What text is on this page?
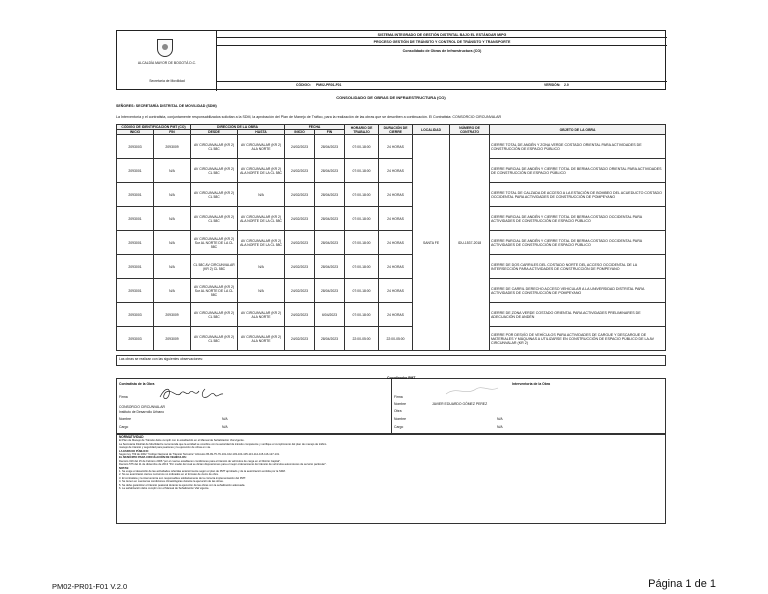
ALCALDÍA MAYOR DE BOGOTÁ D.C.
Secretaría de Movilidad
SISTEMA INTEGRADO DE GESTIÓN DISTRITAL BAJO EL ESTÁNDAR MIPG
PROCESO GESTIÓN DE TRÁNSITO Y CONTROL DE TRÁNSITO Y TRANSPORTE
Consolidado de Obras de Infraestructura (CO)
CÓDIGO: PM02-PR01-F01	VERSIÓN: 2.0
CONSOLIDADO DE OBRAS DE INFRAESTRUCTURA (CO)
SEÑORES: SECRETARÍA DISTRITAL DE MOVILIDAD (SDM)
La Interventoría y el contratista, conjuntamente responsabilizados solicitan a la SDM, la aprobación del Plan de Manejo de Tráfico, para la realización de las obras que se describen a continuación. El Contratista: CONSORCIO CIRCUNVALAR
CÓDIGO DE IDENTIFICACIÓN PMT (CO)		DIRECCIÓN DE LA OBRA		FECHA		HORARIO DE TRABAJO	DURACIÓN DE CIERRE	LOCALIDAD	NÚMERO DE CONTRATO	OBJETO DE LA OBRA
INICIO	FIN	DESDE	HASTA	INICIO	FIN					
2093003	2093009	AV CIRCUNVALAR (KR 2) CL 58C	AV CIRCUNVALAR (KR 2) ALA NORTE	24/02/2023	28/04/2023	07:00-18:00	24 HORAS	SANTA FE	IDU-1537-2018	CIERRE TOTAL DE ANDÉN Y ZONA VERDE COSTADO ORIENTAL PARA ACTIVIDADES DE CONSTRUCCIÓN DE ESPACIO PÚBLICO
2093001	N/A	AV CIRCUNVALAR (KR 2) CL 58C	AV CIRCUNVALAR (KR 2) ALA NORTE DE LA CL 58C	24/02/2023	28/04/2023	07:00-18:00	24 HORAS			CIERRE PARCIAL DE ANDÉN Y CIERRE TOTAL DE BERMA COSTADO ORIENTAL PARA ACTIVIDADES DE CONSTRUCCIÓN DE ESPACIO PÚBLICO
2093001	N/A	AV CIRCUNVALAR (KR 2) CL 58C	N/A	24/02/2023	28/04/2023	07:00-18:00	24 HORAS			CIERRE TOTAL DE CALZADA DE ACCESO A LA ESTACIÓN DE BOMBEO DEL ACUEDUCTO COSTADO OCCIDENTAL PARA ACTIVIDADES DE CONSTRUCCIÓN DE POMPEYANO
2093001	N/A	AV CIRCUNVALAR (KR 2) CL 58C	AV CIRCUNVALAR (KR 2) ALA NORTE DE LA CL 58C	24/02/2023	28/04/2023	07:00-18:00	24 HORAS			CIERRE PARCIAL DE ANDÉN Y CIERRE TOTAL DE BERMA COSTADO OCCIDENTAL PARA ACTIVIDADES DE CONSTRUCCIÓN DE ESPACIO PÚBLICO
2093001	N/A	AV CIRCUNVALAR (KR 2) Sur AL NORTE DE LA CL 58C	AV CIRCUNVALAR (KR 2) ALA NORTE DE LA CL 58C	24/02/2023	28/04/2023	07:00-18:00	24 HORAS			CIERRE PARCIAL DE ANDÉN Y CIERRE TOTAL DE BERMA COSTADO OCCIDENTAL PARA ACTIVIDADES DE CONSTRUCCIÓN DE ESPACIO PÚBLICO
2093001	N/A	CL 58C AV CIRCUNVALAR (KR 2) CL 58C	N/A	24/02/2023	28/04/2023	07:00-18:00	24 HORAS			CIERRE DE DOS CARRILES DEL COSTADO NORTE DEL ACCESO OCCIDENTAL DE LA INTERSECCIÓN PARA ACTIVIDADES DE CONSTRUCCIÓN DE POMPEYANO
2093001	N/A	AV CIRCUNVALAR (KR 2) Sur AL NORTE DE LA CL 58C	N/A	24/02/2023	28/04/2023	07:00-18:00	24 HORAS			CIERRE DE CARRIL DERECHO ACCESO VEHICULAR A LA UNIVERSIDAD DISTRITAL PARA ACTIVIDADES DE CONSTRUCCIÓN DE POMPEYANO
2093003	2093009	AV CIRCUNVALAR (KR 2) CL 58C	AV CIRCUNVALAR (KR 2) ALA NORTE	24/02/2023	6/04/2023	07:00-18:00	24 HORAS			CIERRE DE ZONA VERDE COSTADO ORIENTAL PARA ACTIVIDADES PRELIMINARES DE ADECUACIÓN DE ANDÉN
2093003	2093009	AV CIRCUNVALAR (KR 2) CL 58C	AV CIRCUNVALAR (KR 2) ALA NORTE	24/02/2023	28/04/2023	22:00-05:00	22:00-05:00			CIERRE POR DESVÍO DE VEHÍCULOS PARA ACTIVIDADES DE CARGUE Y DESCARGUE DE MATERIALES Y MÁQUINAS A UTILIZARSE EN CONSTRUCCIÓN DE ESPACIO PÚBLICO DE LA AV CIRCUNVALAR (KR 2)
Las obras se realizan con las siguientes observaciones:
Contratista de la Obra
Firma
CONSORCIO CIRCUNVALAR
Instituto de Desarrollo Urbano
Nombre	N/A
Cargo	N/A
Coordinador PMT
Interventoría de la Obra
Firma
Nombre	JAVIER EDUARDO GÓMEZ PEREZ
Obra
Nombre	N/A
Cargo	N/A
NORMATIVIDAD
El Plan de Manejo de Tránsito debe cumplir con lo establecido en el Manual de Señalización Vial vigente.
La Secretaría Distrital de Movilidad le recomienda que la entidad se coordine con la autoridad de tránsito competente y verifique el cumplimiento del plan de manejo de tráfico.
manejo de tránsito y seguridad para peatones y la ejecución de obras en vía.
LA ESPACIO PÚBLICO:
Según ley 769 de 2002 "Código Nacional de Tránsito Terrestre" Artículos 95-99-75-79-101-102-103-104-105-113-114-115-116-127-131.
EL MUNICIPIO PARA CIRCULACIÓN DE VEHÍCULOS:
Decreto 319 del 15 de Febrero 2006 "por el cual se establecen condiciones para el tránsito de vehículos de carga en el Distrito Capital".
Decreto 575 del 11 de diciembre de 2013 "Por medio del cual se dictan disposiciones para el mejor ordenamiento del tránsito de vehículos automotores de servicio particular".
NOTAS:
1. Se exige el desarrollo de las actividades referidas anteriormente según el plan de PMT aprobado y de la autorización emitida por la SDM.
2. No se autorizarán cierres nocturnos no indicados en el formato de cierre de obra.
3. El contratista y la interventoría son responsables solidariamente de la correcta implementación del PMT.
4. Se tienen en cuenta las condiciones climatológicas durante la ejecución de las obras.
5. Se debe garantizar el tránsito peatonal durante la ejecución de las obras con la señalización adecuada.
6. La señalización debe cumplir con el Manual de Señalización Vial vigente.
PM02-PR01-F01 V.2.0	Página 1 de 1
